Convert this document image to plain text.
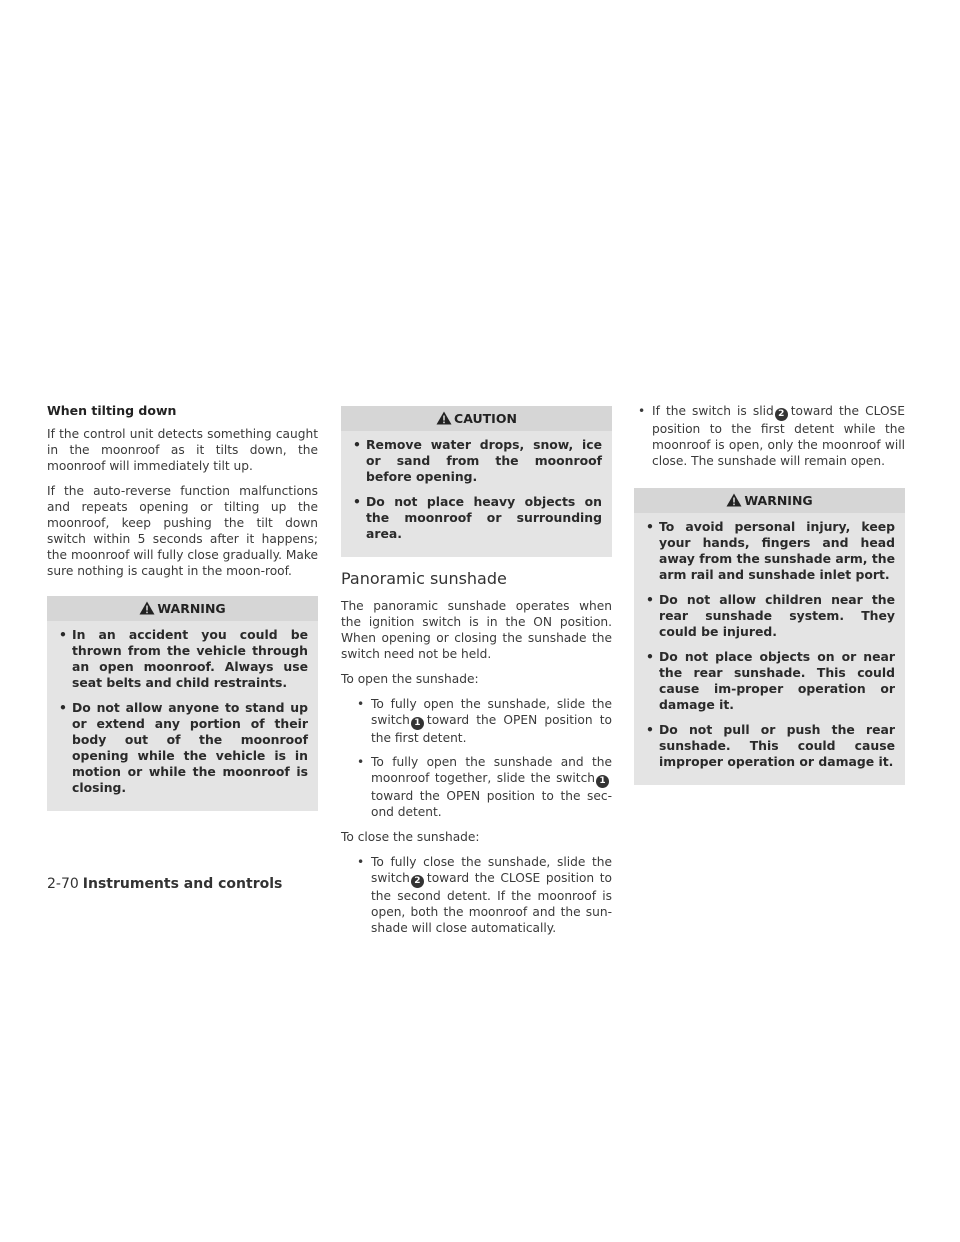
When tilting down

If the control unit detects something caught in the moonroof as it tilts down, the moonroof will immediately tilt up.

If the auto-reverse function malfunctions and repeats opening or tilting up the moonroof, keep pushing the tilt down switch within 5 seconds after it happens; the moonroof will fully close gradually. Make sure nothing is caught in the moon-roof.

WARNING
• In an accident you could be thrown from the vehicle through an open moonroof. Always use seat belts and child restraints.
• Do not allow anyone to stand up or extend any portion of their body out of the moonroof opening while the vehicle is in motion or while the moonroof is closing.
CAUTION
• Remove water drops, snow, ice or sand from the moonroof before opening.
• Do not place heavy objects on the moonroof or surrounding area.
Panoramic sunshade

The panoramic sunshade operates when the ignition switch is in the ON position. When opening or closing the sunshade the switch need not be held.

To open the sunshade:

• To fully open the sunshade, slide the switch 1 toward the OPEN position to the first detent.
• To fully open the sunshade and the moonroof together, slide the switch 1toward the OPEN position to the sec-ond detent.

To close the sunshade:

• To fully close the sunshade, slide the switch 2 toward the CLOSE position to the second detent. If the moonroof is open, both the moonroof and the sun-shade will close automatically.
• If the switch is slid 2 toward the CLOSE position to the first detent while the moonroof is open, only the moonroof will close. The sunshade will remain open.
WARNING
• To avoid personal injury, keep your hands, fingers and head away from the sunshade arm, the arm rail and sunshade inlet port.
• Do not allow children near the rear sunshade system. They could be injured.
• Do not place objects on or near the rear sunshade. This could cause im-proper operation or damage it.
• Do not pull or push the rear sunshade. This could cause improper operation or damage it.
2-70 Instruments and controls
